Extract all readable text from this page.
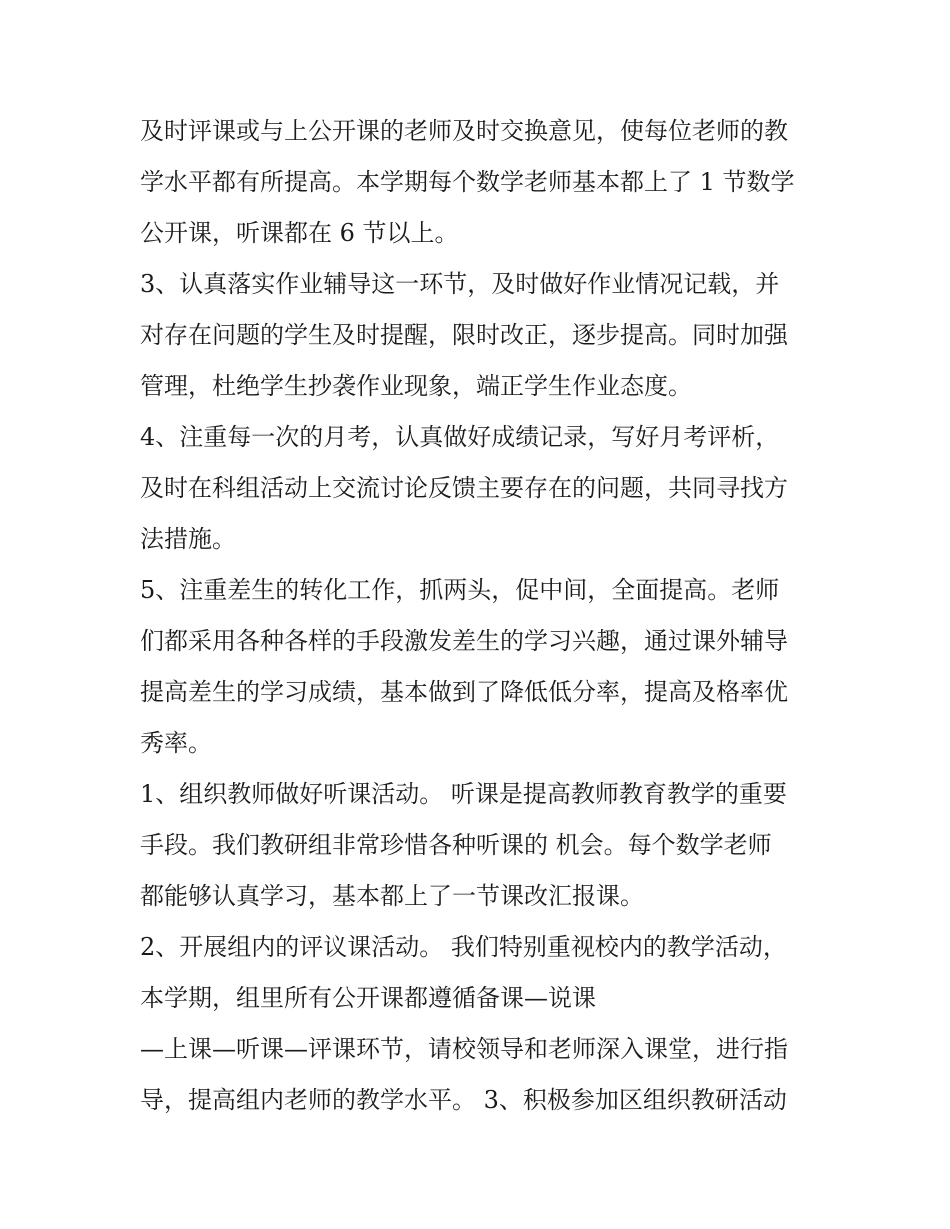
及时评课或与上公开课的老师及时交换意见，使每位老师的教
学水平都有所提高。本学期每个数学老师基本都上了 1 节数学
公开课，听课都在 6 节以上。
3、认真落实作业辅导这一环节，及时做好作业情况记载，并
对存在问题的学生及时提醒，限时改正，逐步提高。同时加强
管理，杜绝学生抄袭作业现象，端正学生作业态度。
4、注重每一次的月考，认真做好成绩记录，写好月考评析，
及时在科组活动上交流讨论反馈主要存在的问题，共同寻找方
法措施。
5、注重差生的转化工作，抓两头，促中间，全面提高。老师
们都采用各种各样的手段激发差生的学习兴趣，通过课外辅导
提高差生的学习成绩，基本做到了降低低分率，提高及格率优
秀率。
1、组织教师做好听课活动。 听课是提高教师教育教学的重要
手段。我们教研组非常珍惜各种听课的 机会。每个数学老师
都能够认真学习，基本都上了一节课改汇报课。
2、开展组内的评议课活动。 我们特别重视校内的教学活动，
本学期，组里所有公开课都遵循备课—说课
—上课—听课—评课环节，请校领导和老师深入课堂，进行指
导，提高组内老师的教学水平。 3、积极参加区组织教研活动
